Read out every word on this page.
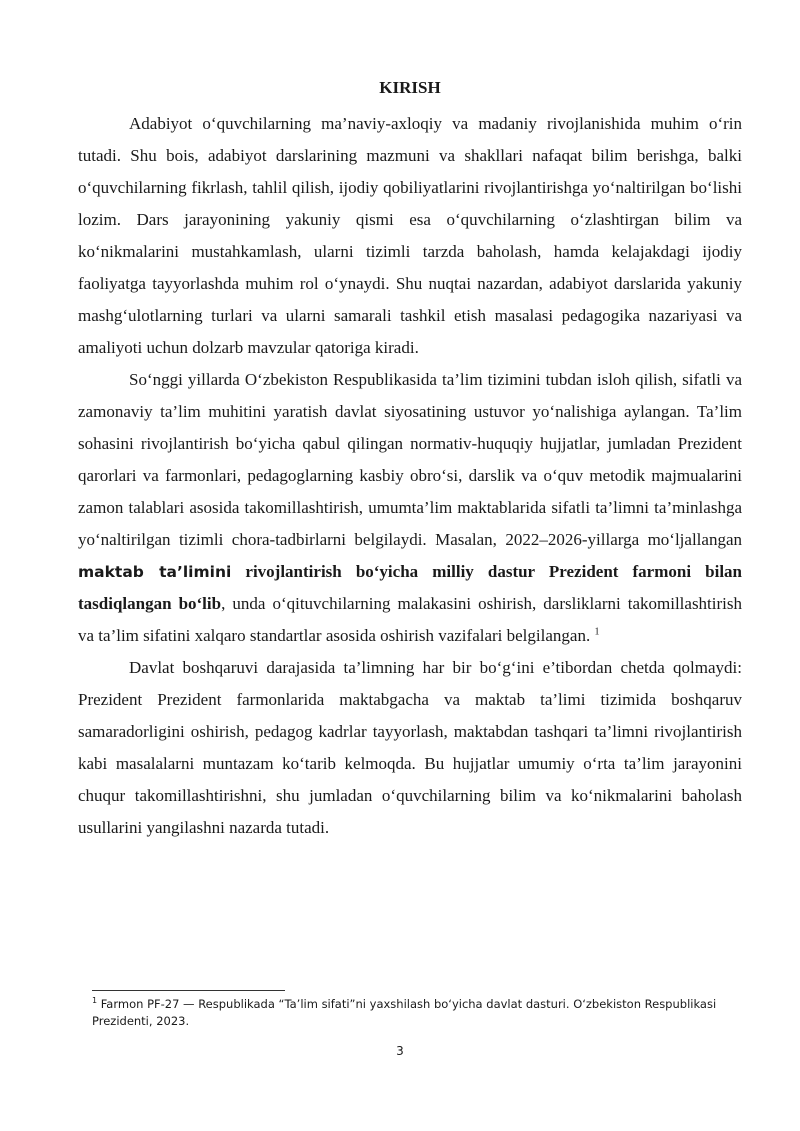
KIRISH

Adabiyot o‘quvchilarning ma’naviy-axloqiy va madaniy rivojlanishida muhim o‘rin tutadi. Shu bois, adabiyot darslarining mazmuni va shakllari nafaqat bilim berishga, balki o‘quvchilarning fikrlash, tahlil qilish, ijodiy qobiliyatlarini rivojlantirishga yo‘naltirilgan bo‘lishi lozim. Dars jarayonining yakuniy qismi esa o‘quvchilarning o‘zlashtirgan bilim va ko‘nikmalarini mustahkamlash, ularni tizimli tarzda baholash, hamda kelajakdagi ijodiy faoliyatga tayyorlashda muhim rol o‘ynaydi. Shu nuqtai nazardan, adabiyot darslarida yakuniy mashg‘ulotlarning turlari va ularni samarali tashkil etish masalasi pedagogika nazariyasi va amaliyoti uchun dolzarb mavzular qatoriga kiradi.

So‘nggi yillarda O‘zbekiston Respublikasida ta’lim tizimini tubdan isloh qilish, sifatli va zamonaviy ta’lim muhitini yaratish davlat siyosatining ustuvor yo‘nalishiga aylangan. Ta’lim sohasini rivojlantirish bo‘yicha qabul qilingan normativ-huquqiy hujjatlar, jumladan Prezident qarorlari va farmonlari, pedagoglarning kasbiy obro‘si, darslik va o‘quv metodik majmualarini zamon talablari asosida takomillashtirish, umumta’lim maktablarida sifatli ta’limni ta’minlashga yo‘naltirilgan tizimli chora-tadbirlarni belgilaydi. Masalan, 2022–2026-yillarga mo‘ljallangan maktab ta’limini rivojlantirish bo‘yicha milliy dastur Prezident farmoni bilan tasdiqlangan bo‘lib, unda o‘qituvchilarning malakasini oshirish, darsliklarni takomillashtirish va ta’lim sifatini xalqaro standartlar asosida oshirish vazifalari belgilangan. $^1$

Davlat boshqaruvi darajasida ta’limning har bir bo‘g‘ini e’tibordan chetda qolmaydi: Prezident Prezident farmonlarida maktabgacha va maktab ta’limi tizimida boshqaruv samaradorligini oshirish, pedagog kadrlar tayyorlash, maktabdan tashqari ta’limni rivojlantirish kabi masalalarni muntazam ko‘tarib kelmoqda. Bu hujjatlar umumiy o‘rta ta’lim jarayonini chuqur takomillashtirishni, shu jumladan o‘quvchilarning bilim va ko‘nikmalarini baholash usullarini yangilashni nazarda tutadi.

$^1$ Farmon PF-27 — Respublikada “Ta’lim sifati”ni yaxshilash bo‘yicha davlat dasturi. O‘zbekiston Respublikasi Prezidenti, 2023.

3
